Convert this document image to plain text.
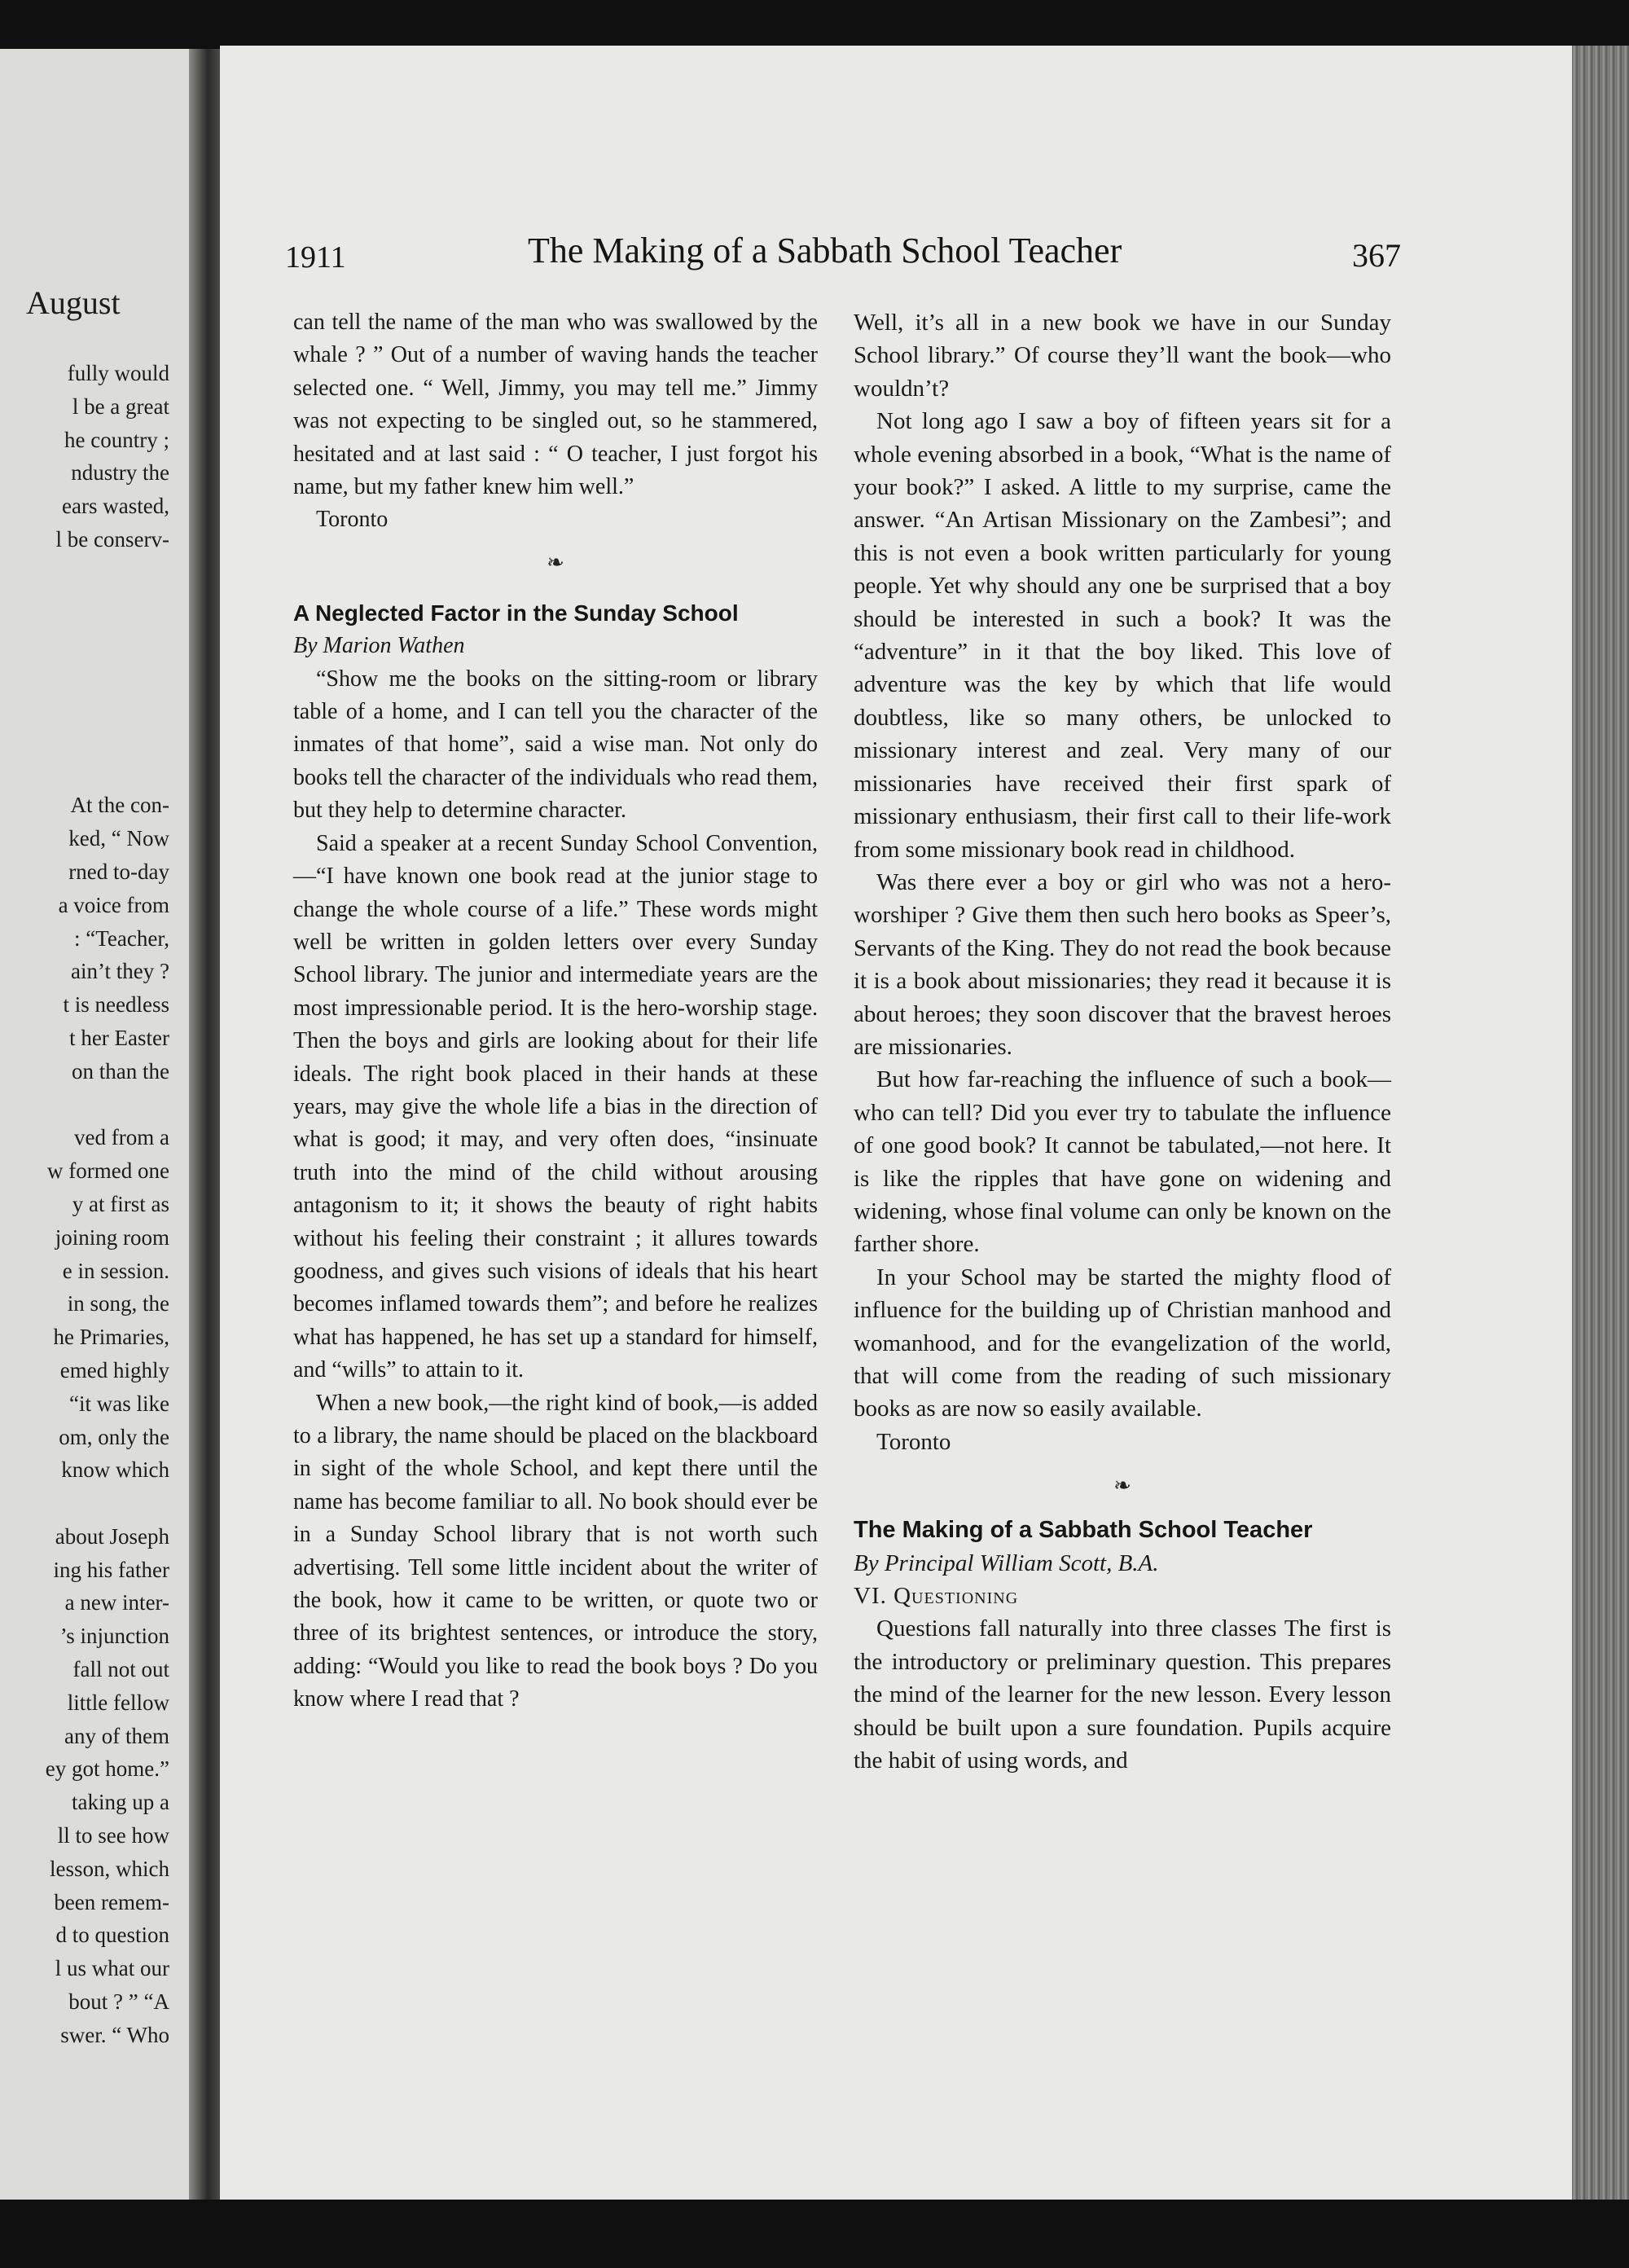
August
fully would
l be a great
he country ;
ndustry the
ears wasted,
l be conserv-
At the con-
ked, “ Now
rned to-day
a voice from
: “Teacher,
ain’t they ?
t is needless
t her Easter
on than the
ved from a
w formed one
y at first as
joining room
e in session.
in song, the
he Primaries,
emed highly
“it was like
om, only the
know which
about Joseph
ing his father
a new inter-
’s injunction
fall not out
little fellow
any of them
ey got home.”
taking up a
ll to see how
lesson, which
been remem-
d to question
l us what our
bout ? ” “A
swer. “ Who
1911	The Making of a Sabbath School Teacher	367

can tell the name of the man who was swallowed by the whale ? ” Out of a number of waving hands the teacher selected one. “ Well, Jimmy, you may tell me.” Jimmy was not expecting to be singled out, so he stammered, hesitated and at last said : “ O teacher, I just forgot his name, but my father knew him well.”

Toronto

❧

A Neglected Factor in the Sunday School

By Marion Wathen

“Show me the books on the sitting-room or library table of a home, and I can tell you the character of the inmates of that home”, said a wise man. Not only do books tell the character of the individuals who read them, but they help to determine character.

Said a speaker at a recent Sunday School Convention,—“I have known one book read at the junior stage to change the whole course of a life.” These words might well be written in golden letters over every Sunday School library. The junior and intermediate years are the most impressionable period. It is the hero-worship stage. Then the boys and girls are looking about for their life ideals. The right book placed in their hands at these years, may give the whole life a bias in the direction of what is good; it may, and very often does, “insinuate truth into the mind of the child without arousing antagonism to it; it shows the beauty of right habits without his feeling their constraint ; it allures towards goodness, and gives such visions of ideals that his heart becomes inflamed towards them”; and before he realizes what has happened, he has set up a standard for himself, and “wills” to attain to it.

When a new book,—the right kind of book,—is added to a library, the name should be placed on the blackboard in sight of the whole School, and kept there until the name has become familiar to all. No book should ever be in a Sunday School library that is not worth such advertising. Tell some little incident about the writer of the book, how it came to be written, or quote two or three of its brightest sentences, or introduce the story, adding: “Would you like to read the book boys ? Do you know where I read that ?

Well, it’s all in a new book we have in our Sunday School library.” Of course they’ll want the book—who wouldn’t?

Not long ago I saw a boy of fifteen years sit for a whole evening absorbed in a book, “What is the name of your book?” I asked. A little to my surprise, came the answer. “An Artisan Missionary on the Zambesi”; and this is not even a book written particularly for young people. Yet why should any one be surprised that a boy should be interested in such a book? It was the “adventure” in it that the boy liked. This love of adventure was the key by which that life would doubtless, like so many others, be unlocked to missionary interest and zeal. Very many of our missionaries have received their first spark of missionary enthusiasm, their first call to their life-work from some missionary book read in childhood.

Was there ever a boy or girl who was not a hero-worshiper ? Give them then such hero books as Speer’s, Servants of the King. They do not read the book because it is a book about missionaries; they read it because it is about heroes; they soon discover that the bravest heroes are missionaries.

But how far-reaching the influence of such a book—who can tell? Did you ever try to tabulate the influence of one good book? It cannot be tabulated,—not here. It is like the ripples that have gone on widening and widening, whose final volume can only be known on the farther shore.

In your School may be started the mighty flood of influence for the building up of Christian manhood and womanhood, and for the evangelization of the world, that will come from the reading of such missionary books as are now so easily available.

Toronto

❧

The Making of a Sabbath School Teacher

By Principal William Scott, B.A.

VI. Questioning

Questions fall naturally into three classes The first is the introductory or preliminary question. This prepares the mind of the learner for the new lesson. Every lesson should be built upon a sure foundation. Pupils acquire the habit of using words, and
